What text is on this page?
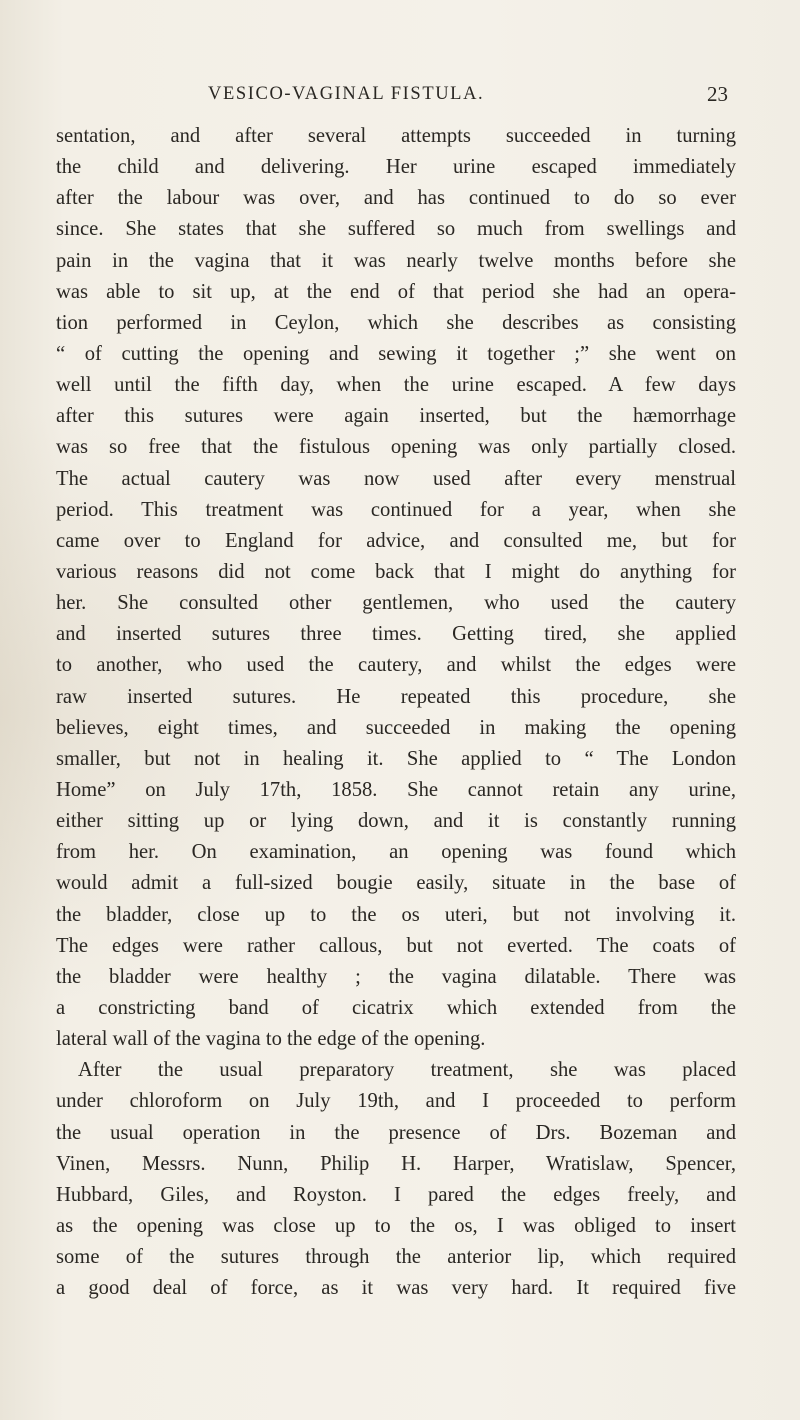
VESICO-VAGINAL FISTULA.	23
sentation, and after several attempts succeeded in turning
the child and delivering. Her urine escaped immediately
after the labour was over, and has continued to do so ever
since. She states that she suffered so much from swellings and
pain in the vagina that it was nearly twelve months before she
was able to sit up, at the end of that period she had an opera-
tion performed in Ceylon, which she describes as consisting
“ of cutting the opening and sewing it together ;” she went on
well until the fifth day, when the urine escaped. A few days
after this sutures were again inserted, but the hæmorrhage
was so free that the fistulous opening was only partially closed.
The actual cautery was now used after every menstrual
period. This treatment was continued for a year, when she
came over to England for advice, and consulted me, but for
various reasons did not come back that I might do anything for
her. She consulted other gentlemen, who used the cautery
and inserted sutures three times. Getting tired, she applied
to another, who used the cautery, and whilst the edges were
raw inserted sutures. He repeated this procedure, she
believes, eight times, and succeeded in making the opening
smaller, but not in healing it. She applied to “ The London
Home” on July 17th, 1858. She cannot retain any urine,
either sitting up or lying down, and it is constantly running
from her. On examination, an opening was found which
would admit a full-sized bougie easily, situate in the base of
the bladder, close up to the os uteri, but not involving it.
The edges were rather callous, but not everted. The coats of
the bladder were healthy ; the vagina dilatable. There was
a constricting band of cicatrix which extended from the
lateral wall of the vagina to the edge of the opening.
After the usual preparatory treatment, she was placed
under chloroform on July 19th, and I proceeded to perform
the usual operation in the presence of Drs. Bozeman and
Vinen, Messrs. Nunn, Philip H. Harper, Wratislaw, Spencer,
Hubbard, Giles, and Royston. I pared the edges freely, and
as the opening was close up to the os, I was obliged to insert
some of the sutures through the anterior lip, which required
a good deal of force, as it was very hard. It required five
